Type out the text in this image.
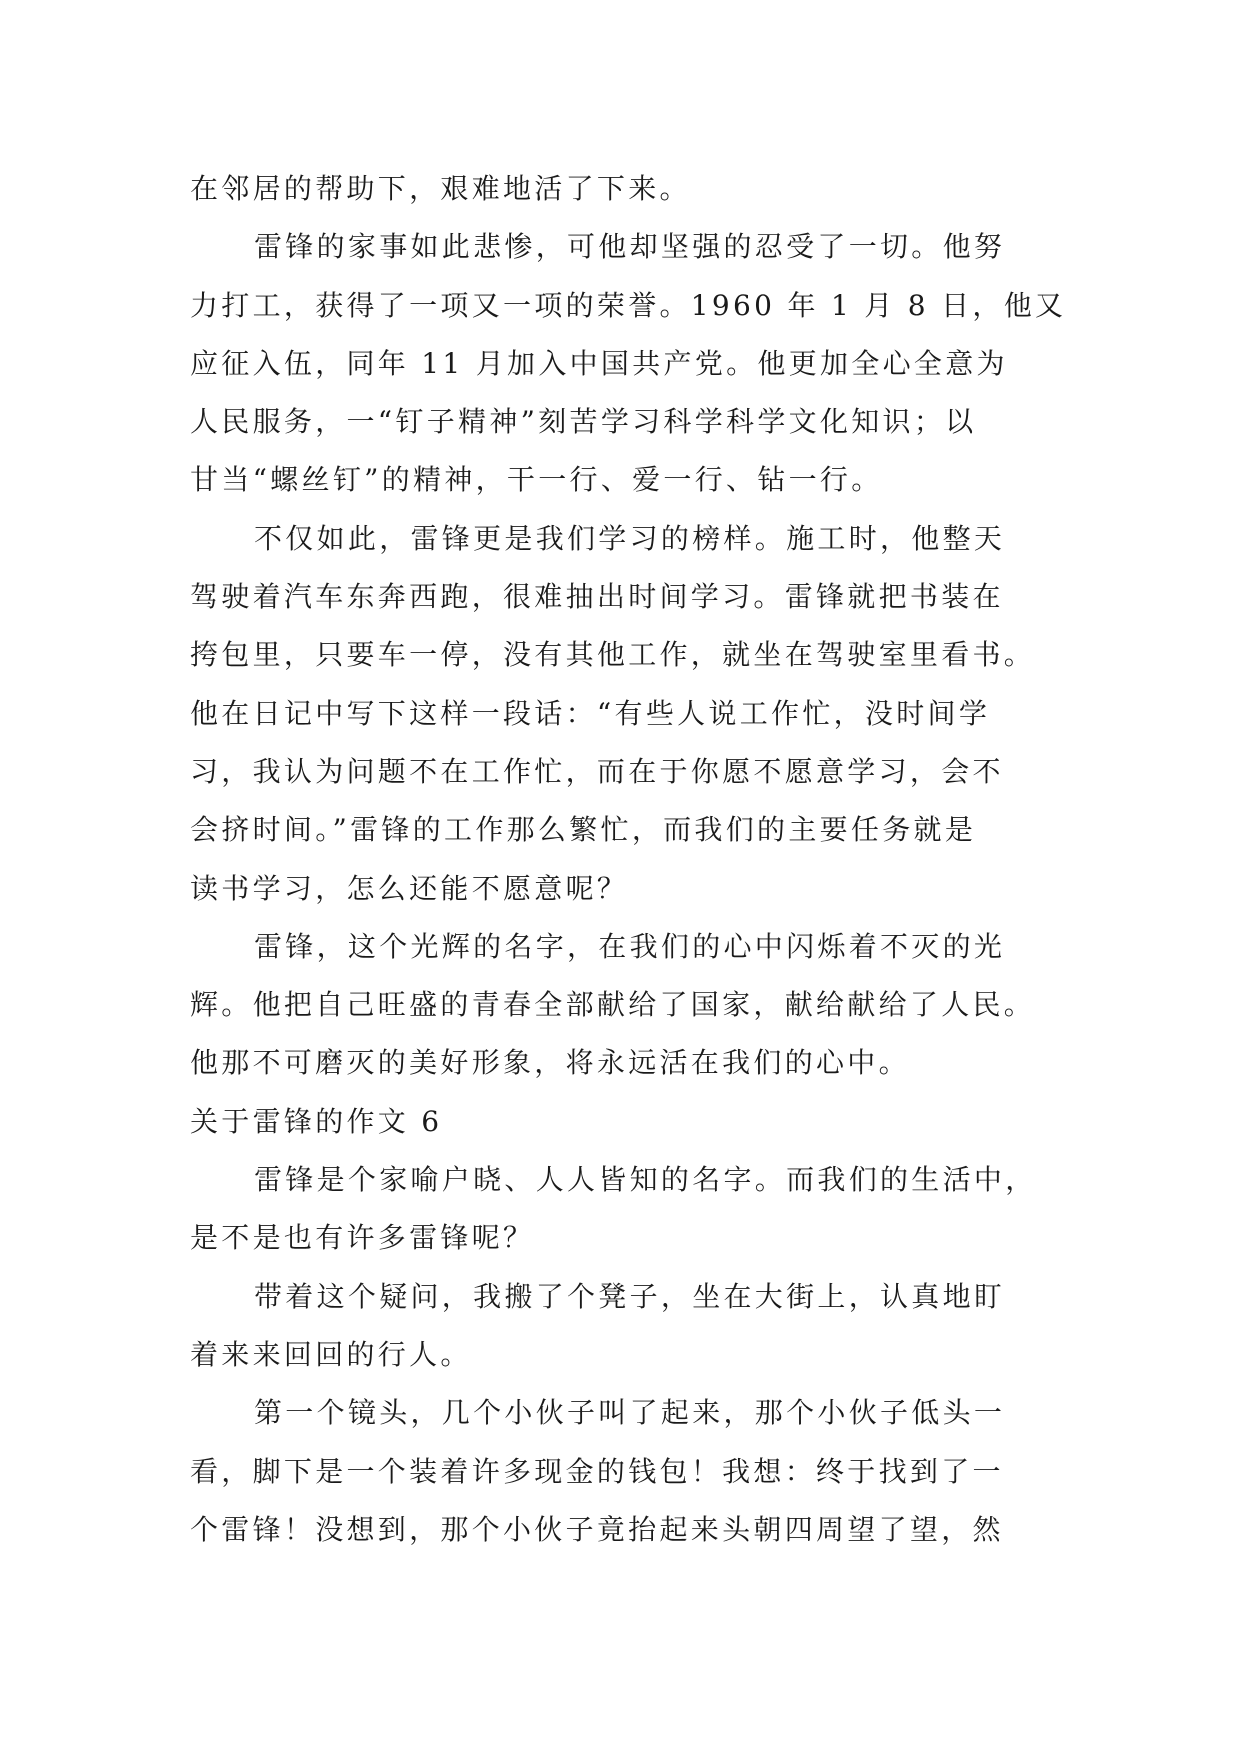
在邻居的帮助下，艰难地活了下来。
雷锋的家事如此悲惨，可他却坚强的忍受了一切。他努
力打工，获得了一项又一项的荣誉。1960 年 1 月 8 日，他又
应征入伍，同年 11 月加入中国共产党。他更加全心全意为
人民服务，一“钉子精神”刻苦学习科学科学文化知识；以
甘当“螺丝钉”的精神，干一行、爱一行、钻一行。
不仅如此，雷锋更是我们学习的榜样。施工时，他整天
驾驶着汽车东奔西跑，很难抽出时间学习。雷锋就把书装在
挎包里，只要车一停，没有其他工作，就坐在驾驶室里看书。
他在日记中写下这样一段话：“有些人说工作忙，没时间学
习，我认为问题不在工作忙，而在于你愿不愿意学习，会不
会挤时间。”雷锋的工作那么繁忙，而我们的主要任务就是
读书学习，怎么还能不愿意呢？
雷锋，这个光辉的名字，在我们的心中闪烁着不灭的光
辉。他把自己旺盛的青春全部献给了国家，献给献给了人民。
他那不可磨灭的美好形象，将永远活在我们的心中。
关于雷锋的作文 6
雷锋是个家喻户晓、人人皆知的名字。而我们的生活中，
是不是也有许多雷锋呢？
带着这个疑问，我搬了个凳子，坐在大街上，认真地盯
着来来回回的行人。
第一个镜头，几个小伙子叫了起来，那个小伙子低头一
看，脚下是一个装着许多现金的钱包！我想：终于找到了一
个雷锋！没想到，那个小伙子竟抬起来头朝四周望了望，然
